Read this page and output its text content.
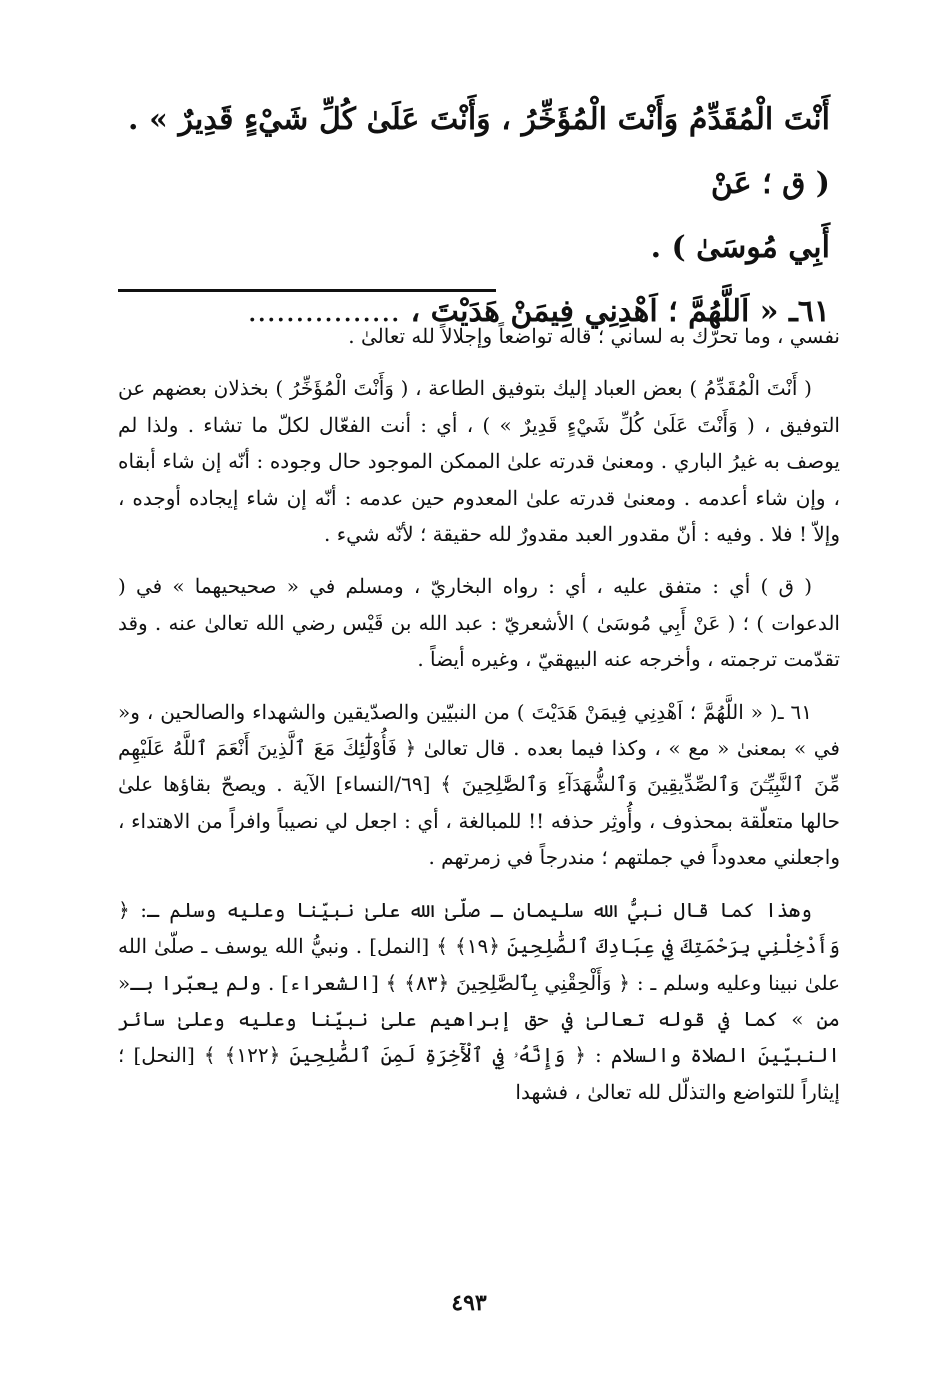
أَنْتَ الْمُقَدِّمُ وَأَنْتَ الْمُؤَخِّرُ ، وَأَنْتَ عَلَىٰ كُلِّ شَيْءٍ قَدِيرٌ » . ( ق ؛ عَنْ

أَبِي مُوسَىٰ ) .

٦١ـ « اَللَّهُمَّ ؛ اَهْدِنِي فِيمَنْ هَدَيْتَ ، ................

نفسي ، وما تحرّك به لساني ؛ قاله تواضعاً وإجلالاً لله تعالىٰ .

( أَنْتَ الْمُقَدِّمُ ) بعض العباد إليك بتوفيق الطاعة ، ( وَأَنْتَ الْمُؤَخِّرُ ) بخذلان بعضهم عن التوفيق ، ( وَأَنْتَ عَلَىٰ كُلِّ شَيْءٍ قَدِيرٌ » ) ، أي : أنت الفعّال لكلّ ما تشاء . ولذا لم يوصف به غيرُ الباري . ومعنىٰ قدرته علىٰ الممكن الموجود حال وجوده : أنّه إن شاء أبقاه ، وإن شاء أعدمه . ومعنىٰ قدرته علىٰ المعدوم حين عدمه : أنّه إن شاء إيجاده أوجده ، وإلاّ ! فلا . وفيه : أنّ مقدور العبد مقدورٌ لله حقيقة ؛ لأنّه شيء .

( ق ) أي : متفق عليه ، أي : رواه البخاريّ ، ومسلم في « صحيحيهما » في ( الدعوات ) ؛ ( عَنْ أَبِي مُوسَىٰ ) الأشعريّ : عبد الله بن قَيْس رضي الله تعالىٰ عنه . وقد تقدّمت ترجمته ، وأخرجه عنه البيهقيّ ، وغيره أيضاً .

٦١ ـ( « اللَّهُمَّ ؛ اَهْدِنِي فِيمَنْ هَدَيْتَ ) من النبيّين والصدّيقين والشهداء والصالحين ، و« في » بمعنىٰ « مع » ، وكذا فيما بعده . قال تعالىٰ ﴿ فَأُوْلَٰٓئِكَ مَعَ ٱلَّذِينَ أَنْعَمَ ٱللَّهُ عَلَيْهِم مِّنَ ٱلنَّبِيِّـۧنَ وَٱلصِّدِّيقِينَ وَٱلشُّهَدَآءِ وَٱلصَّٰلِحِينَ ﴾ [٦٩/النساء] الآية . ويصحّ بقاؤها علىٰ حالها متعلّقة بمحذوف ، وأُوثِر حذفه !! للمبالغة ، أي : اجعل لي نصيباً وافراً من الاهتداء ، واجعلني معدوداً في جملتهم ؛ مندرجاً في زمرتهم .

وهذا كما قال نبيُّ الله سليمان ـ صلّىٰ الله علىٰ نبيّنا وعليه وسلم ـ: ﴿ وَأَدْخِلْنِي بِرَحْمَتِكَ فِي عِبَادِكَ ٱلصَّٰلِحِينَ ﴿١٩﴾ ﴾ [النمل] . ونبيُّ الله يوسف ـ صلّىٰ الله علىٰ نبينا وعليه وسلم ـ : ﴿ وَأَلْحِقْنِي بِٱلصَّٰلِحِينَ ﴿٨٣﴾ ﴾ [الشعراء] . ولم يعبّرا بـ« من » كما في قوله تعالىٰ في حق إبراهيم علىٰ نبيّنا وعليه وعلىٰ سائر النبيّينَ الصلاة والسلام : ﴿ وَإِنَّهُۥ فِي ٱلْأٓخِرَةِ لَمِنَ ٱلصَّٰلِحِينَ ﴿١٢٢﴾ ﴾ [النحل] ؛ إيثاراً للتواضع والتذلّل لله تعالىٰ ، فشهدا

٤٩٣
